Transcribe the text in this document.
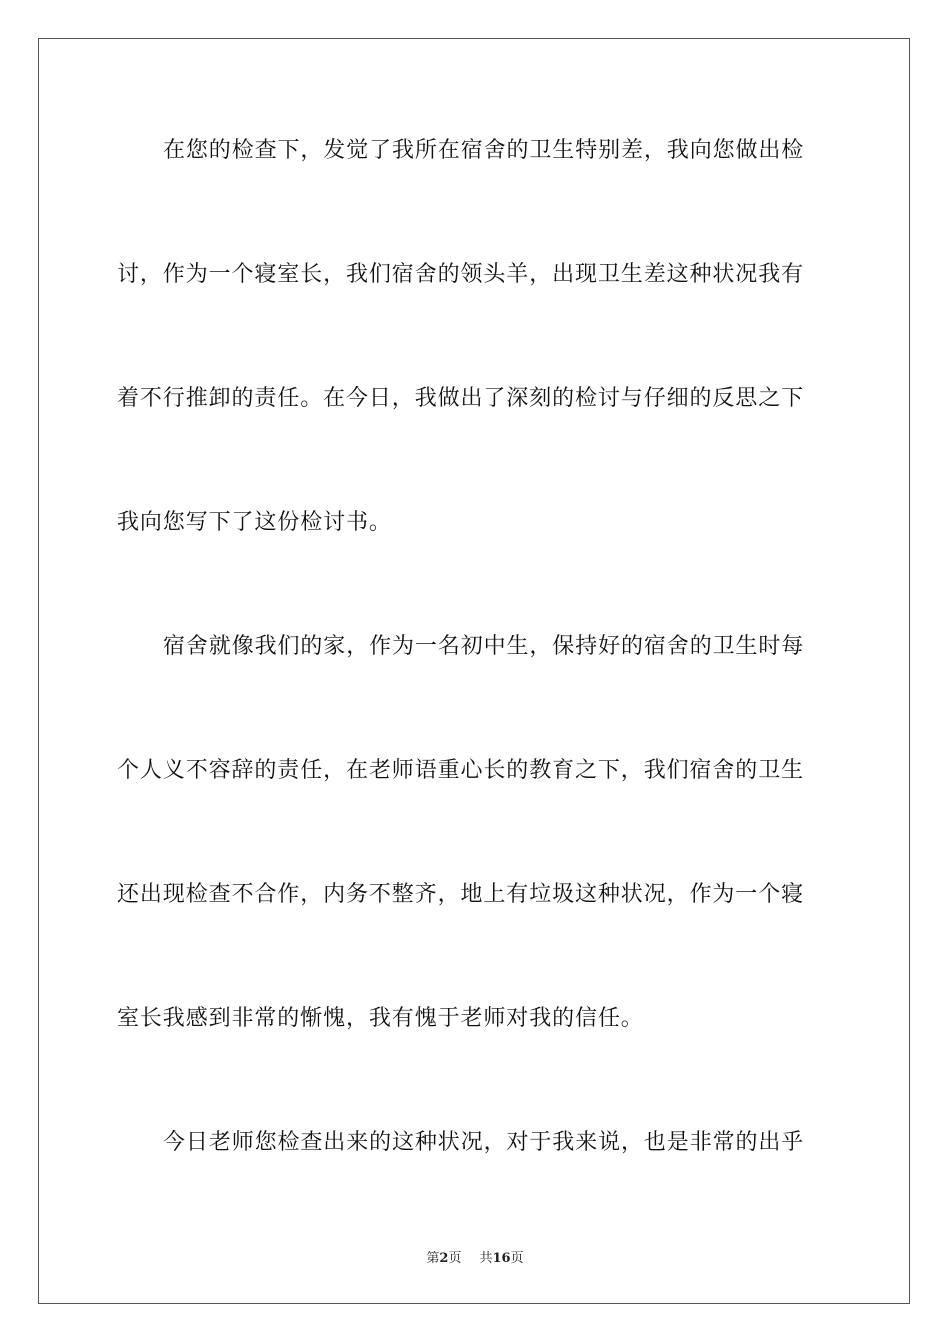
在您的检查下，发觉了我所在宿舍的卫生特别差，我向您做出检
讨，作为一个寝室长，我们宿舍的领头羊，出现卫生差这种状况我有
着不行推卸的责任。在今日，我做出了深刻的检讨与仔细的反思之下
我向您写下了这份检讨书。
宿舍就像我们的家，作为一名初中生，保持好的宿舍的卫生时每
个人义不容辞的责任，在老师语重心长的教育之下，我们宿舍的卫生
还出现检查不合作，内务不整齐，地上有垃圾这种状况，作为一个寝
室长我感到非常的惭愧，我有愧于老师对我的信任。
今日老师您检查出来的这种状况，对于我来说，也是非常的出乎
第2页 共16页
